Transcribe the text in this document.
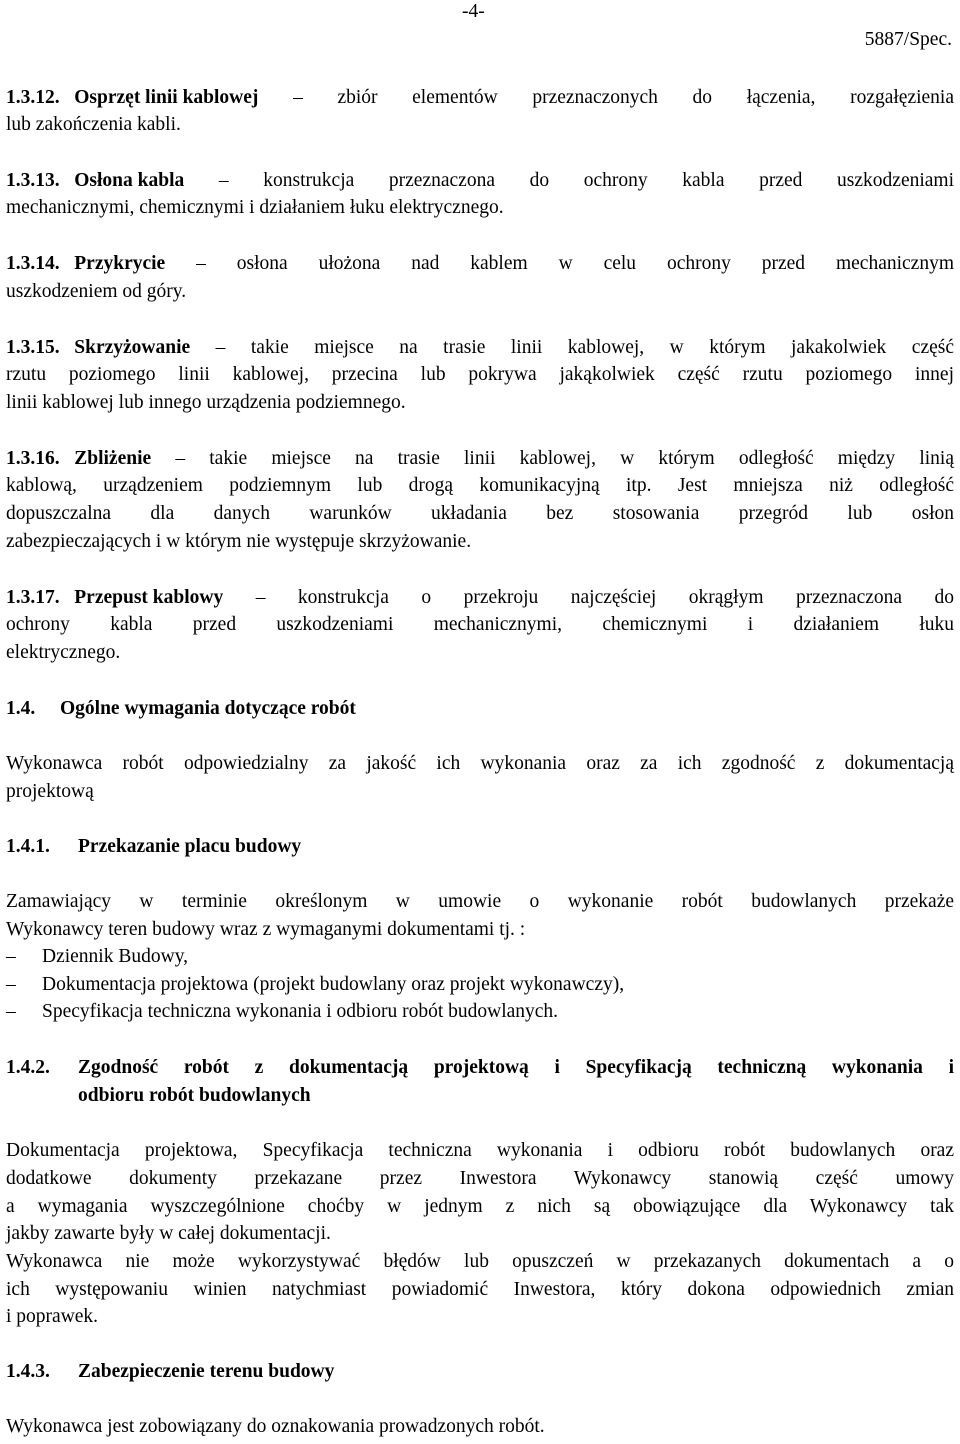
-4-
5887/Spec.
1.3.12. Osprzęt linii kablowej – zbiór elementów przeznaczonych do łączenia, rozgałęzienia
lub zakończenia kabli.
1.3.13. Osłona kabla – konstrukcja przeznaczona do ochrony kabla przed uszkodzeniami
mechanicznymi, chemicznymi i działaniem łuku elektrycznego.
1.3.14. Przykrycie – osłona ułożona nad kablem w celu ochrony przed mechanicznym
uszkodzeniem od góry.
1.3.15. Skrzyżowanie – takie miejsce na trasie linii kablowej, w którym jakakolwiek część
rzutu poziomego linii kablowej, przecina lub pokrywa jakąkolwiek część rzutu poziomego innej
linii kablowej lub innego urządzenia podziemnego.
1.3.16. Zbliżenie – takie miejsce na trasie linii kablowej, w którym odległość między linią
kablową, urządzeniem podziemnym lub drogą komunikacyjną itp. Jest mniejsza niż odległość
dopuszczalna dla danych warunków układania bez stosowania przegród lub osłon
zabezpieczających i w którym nie występuje skrzyżowanie.
1.3.17. Przepust kablowy – konstrukcja o przekroju najczęściej okrągłym przeznaczona do
ochrony kabla przed uszkodzeniami mechanicznymi, chemicznymi i działaniem łuku
elektrycznego.
1.4. Ogólne wymagania dotyczące robót
Wykonawca robót odpowiedzialny za jakość ich wykonania oraz za ich zgodność z dokumentacją
projektową
1.4.1. Przekazanie placu budowy
Zamawiający w terminie określonym w umowie o wykonanie robót budowlanych przekaże
Wykonawcy teren budowy wraz z wymaganymi dokumentami tj. :
– Dziennik Budowy,
– Dokumentacja projektowa (projekt budowlany oraz projekt wykonawczy),
– Specyfikacja techniczna wykonania i odbioru robót budowlanych.
1.4.2. Zgodność robót z dokumentacją projektową i Specyfikacją techniczną wykonania i
odbioru robót budowlanych
Dokumentacja projektowa, Specyfikacja techniczna wykonania i odbioru robót budowlanych oraz
dodatkowe dokumenty przekazane przez Inwestora Wykonawcy stanowią część umowy
a wymagania wyszczególnione choćby w jednym z nich są obowiązujące dla Wykonawcy tak
jakby zawarte były w całej dokumentacji.
Wykonawca nie może wykorzystywać błędów lub opuszczeń w przekazanych dokumentach a o
ich występowaniu winien natychmiast powiadomić Inwestora, który dokona odpowiednich zmian
i poprawek.
1.4.3. Zabezpieczenie terenu budowy
Wykonawca jest zobowiązany do oznakowania prowadzonych robót.
